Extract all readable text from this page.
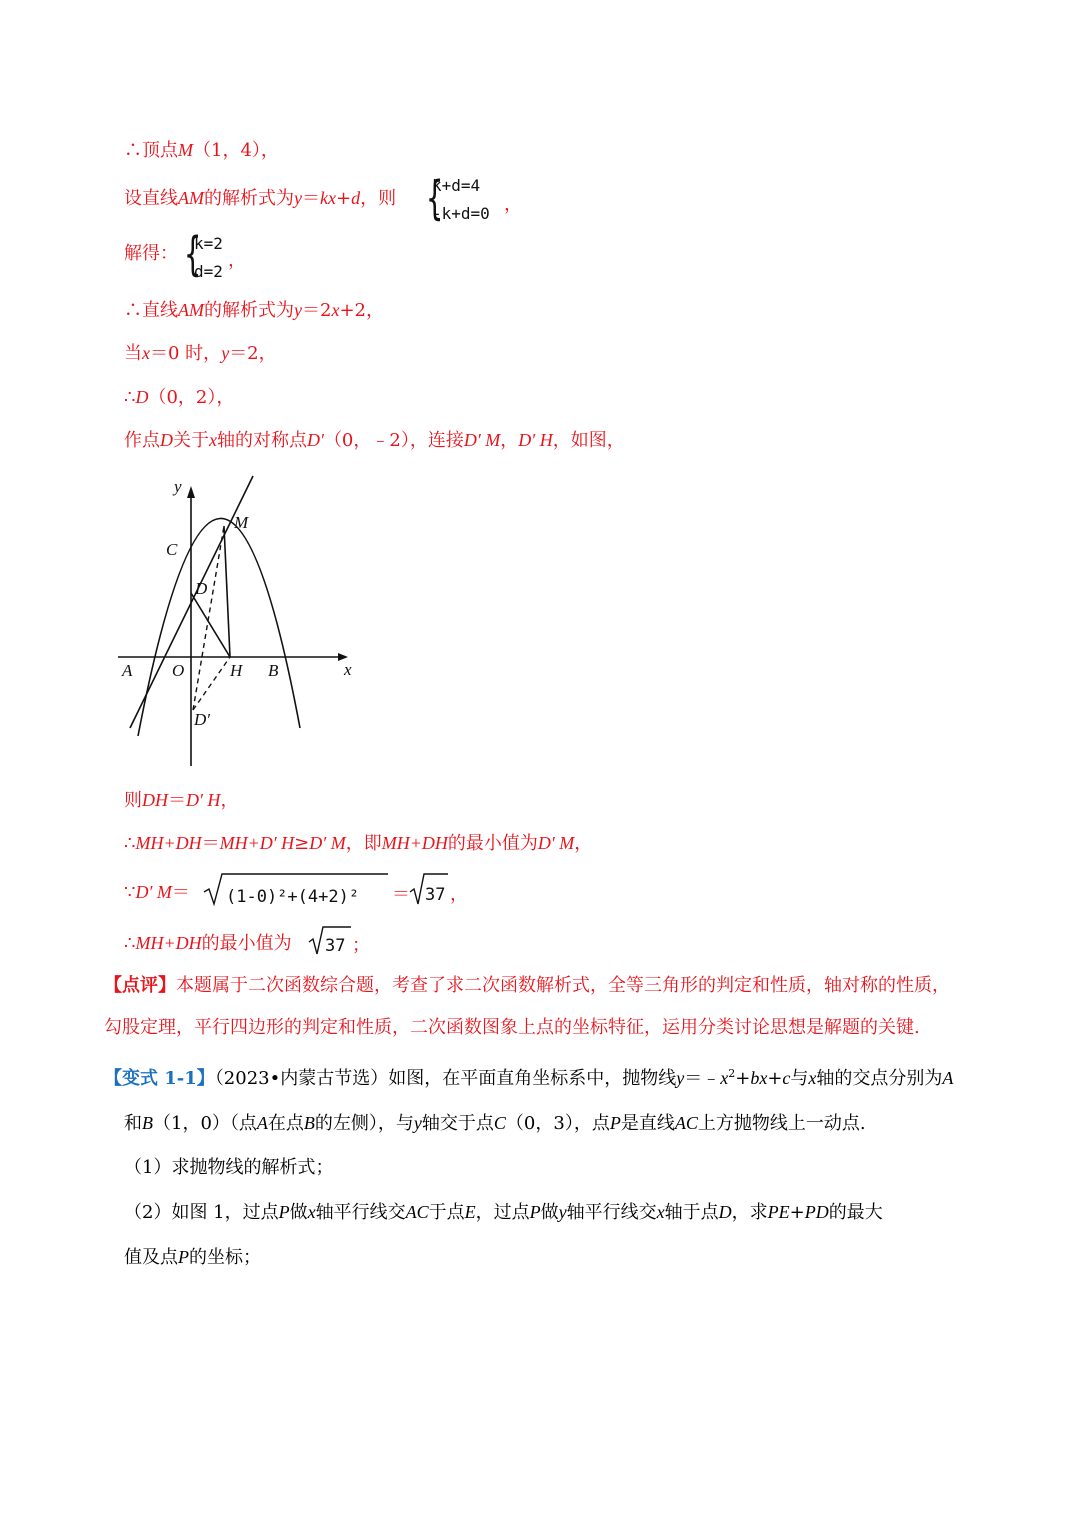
∴顶点M（1，4），
设直线AM的解析式为y＝kx+d，则 {
k+d=4
-k+d=0 ，
解得： {
k=2
d=2
，
∴直线AM的解析式为y＝2x+2，
当x＝0 时，y＝2，
∴D（0，2），
作点D关于x轴的对称点D′（0，﹣2），连接D′ M，D′ H，如图，
y
x
M
C
D
A O	H B
D′
则DH＝D′ H，
∴MH+DH＝MH+D′ H≥D′ M，即MH+DH的最小值为D′ M，
∵D′ M＝ (1-0)²+(4+2)² ＝ 37 ，
∴MH+DH的最小值为 37 ；
【点评】本题属于二次函数综合题，考查了求二次函数解析式，全等三角形的判定和性质，轴对称的性质，
勾股定理，平行四边形的判定和性质，二次函数图象上点的坐标特征，运用分类讨论思想是解题的关键.
【变式 1-1】（2023•内蒙古节选）如图，在平面直角坐标系中，抛物线$y=﹣x^2+bx+c$与x轴的交点分别为A
和B（1，0）（点A在点B的左侧），与y轴交于点C（0，3），点P是直线AC上方抛物线上一动点.
（1）求抛物线的解析式；
（2）如图 1，过点P做x轴平行线交AC于点E，过点P做y轴平行线交x轴于点D，求PE+PD的最大
值及点P的坐标；
